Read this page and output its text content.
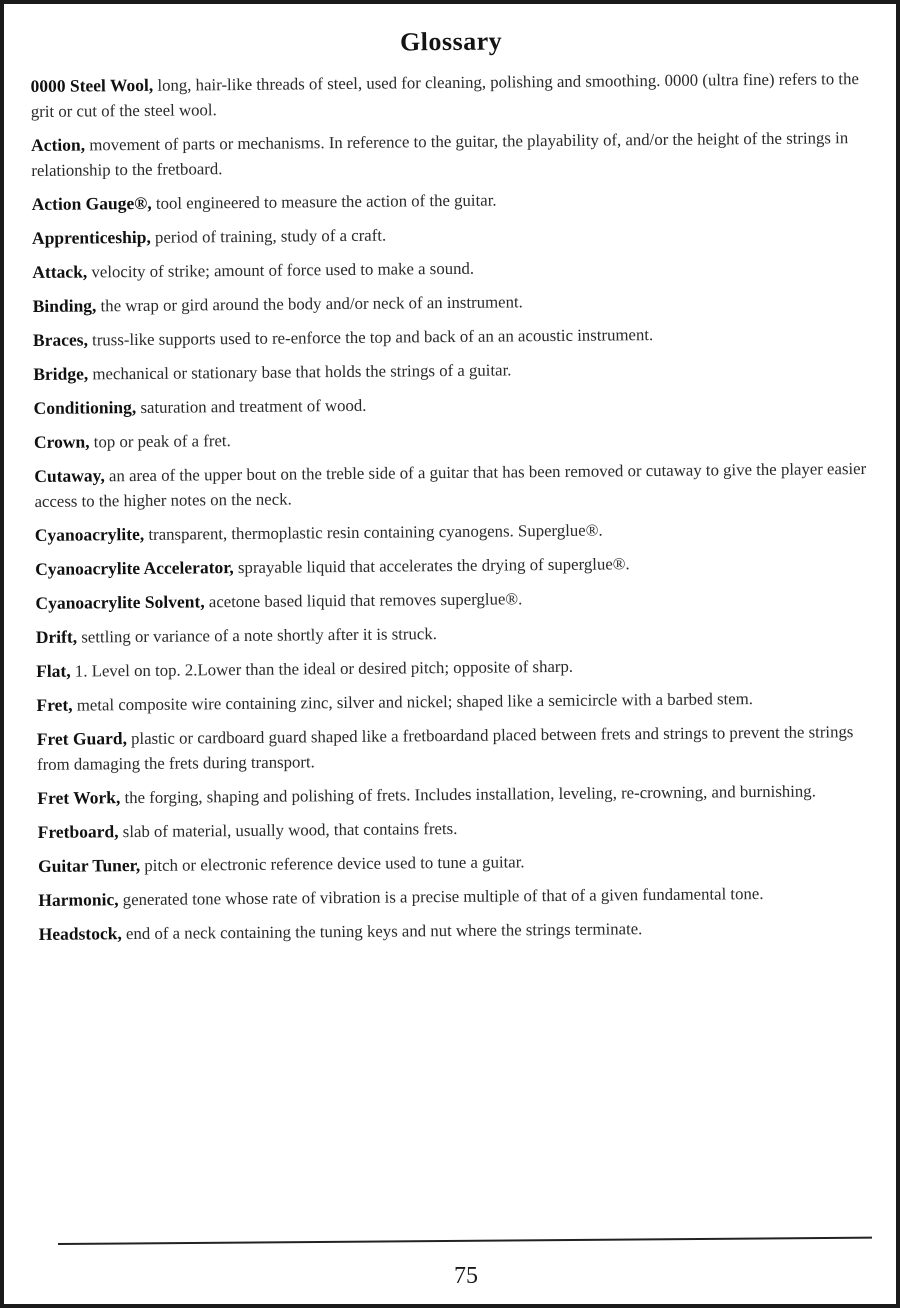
Glossary
0000 Steel Wool, long, hair-like threads of steel, used for cleaning, polishing and smoothing. 0000 (ultra fine) refers to the grit or cut of the steel wool.
Action, movement of parts or mechanisms. In reference to the guitar, the playability of, and/or the height of the strings in relationship to the fretboard.
Action Gauge®, tool engineered to measure the action of the guitar.
Apprenticeship, period of training, study of a craft.
Attack, velocity of strike; amount of force used to make a sound.
Binding, the wrap or gird around the body and/or neck of an instrument.
Braces, truss-like supports used to re-enforce the top and back of an an acoustic instrument.
Bridge, mechanical or stationary base that holds the strings of a guitar.
Conditioning, saturation and treatment of wood.
Crown, top or peak of a fret.
Cutaway, an area of the upper bout on the treble side of a guitar that has been removed or cutaway to give the player easier access to the higher notes on the neck.
Cyanoacrylite, transparent, thermoplastic resin containing cyanogens. Superglue®.
Cyanoacrylite Accelerator, sprayable liquid that accelerates the drying of superglue®.
Cyanoacrylite Solvent, acetone based liquid that removes superglue®.
Drift, settling or variance of a note shortly after it is struck.
Flat, 1. Level on top. 2.Lower than the ideal or desired pitch; opposite of sharp.
Fret, metal composite wire containing zinc, silver and nickel; shaped like a semicircle with a barbed stem.
Fret Guard, plastic or cardboard guard shaped like a fretboardand placed between frets and strings to prevent the strings from damaging the frets during transport.
Fret Work, the forging, shaping and polishing of frets. Includes installation, leveling, re-crowning, and burnishing.
Fretboard, slab of material, usually wood, that contains frets.
Guitar Tuner, pitch or electronic reference device used to tune a guitar.
Harmonic, generated tone whose rate of vibration is a precise multiple of that of a given fundamental tone.
Headstock, end of a neck containing the tuning keys and nut where the strings terminate.
75
